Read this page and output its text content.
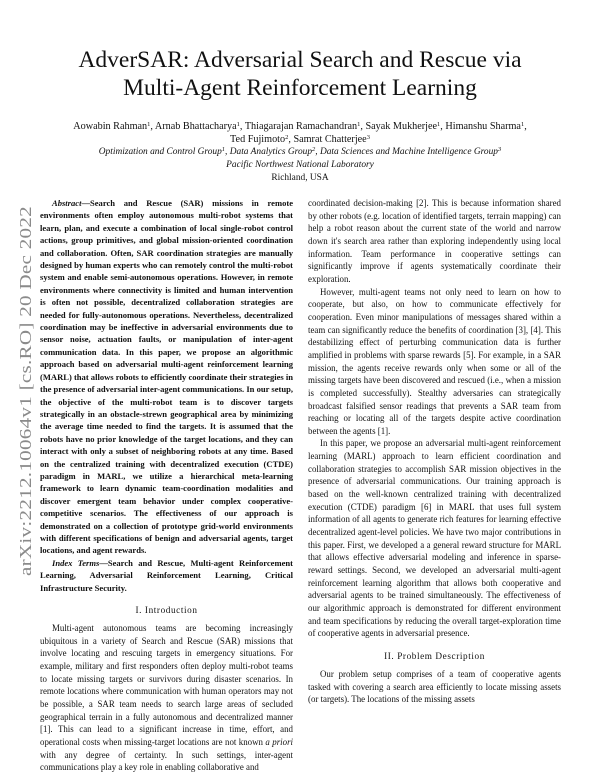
arXiv:2212.10064v1 [cs.RO] 20 Dec 2022
AdverSAR: Adversarial Search and Rescue via
Multi-Agent Reinforcement Learning
Aowabin Rahman$^1$, Arnab Bhattacharya$^1$, Thiagarajan Ramachandran$^1$, Sayak Mukherjee$^1$, Himanshu Sharma$^1$,
Ted Fujimoto$^2$, Samrat Chatterjee$^3$
Optimization and Control Group$^1$, Data Analytics Group$^2$, Data Sciences and Machine Intelligence Group$^3$
Pacific Northwest National Laboratory
Richland, USA

Abstract—Search and Rescue (SAR) missions in remote environments often employ autonomous multi-robot systems that learn, plan, and execute a combination of local single-robot control actions, group primitives, and global mission-oriented coordination and collaboration. Often, SAR coordination strategies are manually designed by human experts who can remotely control the multi-robot system and enable semi-autonomous operations. However, in remote environments where connectivity is limited and human intervention is often not possible, decentralized collaboration strategies are needed for fully-autonomous operations. Nevertheless, decentralized coordination may be ineffective in adversarial environments due to sensor noise, actuation faults, or manipulation of inter-agent communication data. In this paper, we propose an algorithmic approach based on adversarial multi-agent reinforcement learning (MARL) that allows robots to efficiently coordinate their strategies in the presence of adversarial inter-agent communications. In our setup, the objective of the multi-robot team is to discover targets strategically in an obstacle-strewn geographical area by minimizing the average time needed to find the targets. It is assumed that the robots have no prior knowledge of the target locations, and they can interact with only a subset of neighboring robots at any time. Based on the centralized training with decentralized execution (CTDE) paradigm in MARL, we utilize a hierarchical meta-learning framework to learn dynamic team-coordination modalities and discover emergent team behavior under complex cooperative-competitive scenarios. The effectiveness of our approach is demonstrated on a collection of prototype grid-world environments with different specifications of benign and adversarial agents, target locations, and agent rewards.

Index Terms—Search and Rescue, Multi-agent Reinforcement Learning, Adversarial Reinforcement Learning, Critical Infrastructure Security.

I. Introduction

Multi-agent autonomous teams are becoming increasingly ubiquitous in a variety of Search and Rescue (SAR) missions that involve locating and rescuing targets in emergency situations. For example, military and first responders often deploy multi-robot teams to locate missing targets or survivors during disaster scenarios. In remote locations where communication with human operators may not be possible, a SAR team needs to search large areas of secluded geographical terrain in a fully autonomous and decentralized manner [1]. This can lead to a significant increase in time, effort, and operational costs when missing-target locations are not known a priori with any degree of certainty. In such settings, inter-agent communications play a key role in enabling collaborative and

coordinated decision-making [2]. This is because information shared by other robots (e.g. location of identified targets, terrain mapping) can help a robot reason about the current state of the world and narrow down it's search area rather than exploring independently using local information. Team performance in cooperative settings can significantly improve if agents systematically coordinate their exploration.

However, multi-agent teams not only need to learn on how to cooperate, but also, on how to communicate effectively for cooperation. Even minor manipulations of messages shared within a team can significantly reduce the benefits of coordination [3], [4]. This destabilizing effect of perturbing communication data is further amplified in problems with sparse rewards [5]. For example, in a SAR mission, the agents receive rewards only when some or all of the missing targets have been discovered and rescued (i.e., when a mission is completed successfully). Stealthy adversaries can strategically broadcast falsified sensor readings that prevents a SAR team from reaching or locating all of the targets despite active coordination between the agents [1].

In this paper, we propose an adversarial multi-agent reinforcement learning (MARL) approach to learn efficient coordination and collaboration strategies to accomplish SAR mission objectives in the presence of adversarial communications. Our training approach is based on the well-known centralized training with decentralized execution (CTDE) paradigm [6] in MARL that uses full system information of all agents to generate rich features for learning effective decentralized agent-level policies. We have two major contributions in this paper. First, we developed a a general reward structure for MARL that allows effective adversarial modeling and inference in sparse-reward settings. Second, we developed an adversarial multi-agent reinforcement learning algorithm that allows both cooperative and adversarial agents to be trained simultaneously. The effectiveness of our algorithmic approach is demonstrated for different environment and team specifications by reducing the overall target-exploration time of cooperative agents in adversarial presence.

II. Problem Description

Our problem setup comprises of a team of cooperative agents tasked with covering a search area efficiently to locate missing assets (or targets). The locations of the missing assets
